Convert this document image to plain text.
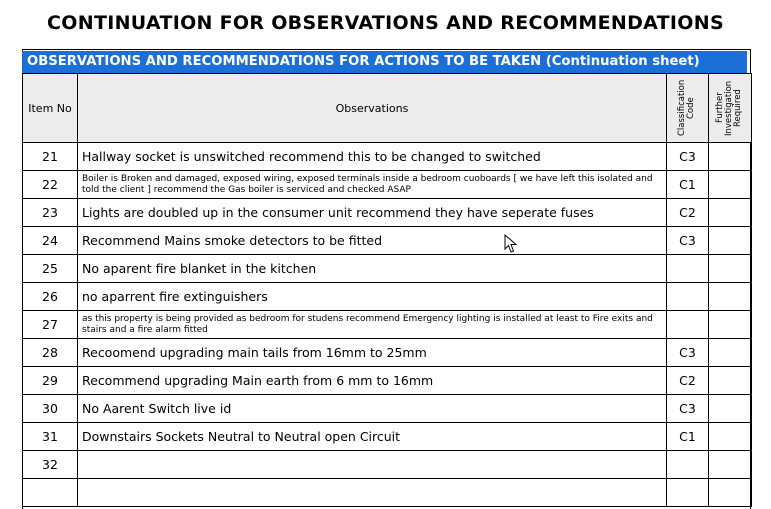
CONTINUATION FOR OBSERVATIONS AND RECOMMENDATIONS
OBSERVATIONS AND RECOMMENDATIONS FOR ACTIONS TO BE TAKEN (Continuation sheet)
Item No	Observations	Classification Code	Further Investigation Required

21	Hallway socket is unswitched recommend this to be changed to switched	C3	
22	Boiler is Broken and damaged, exposed wiring, exposed terminals inside a bedroom cuoboards [ we have left this isolated and told the client ] recommend the Gas boiler is serviced and checked ASAP	C1	
23	Lights are doubled up in the consumer unit recommend they have seperate fuses	C2	
24	Recommend Mains smoke detectors to be fitted	C3	
25	No aparent fire blanket in the kitchen		
26	no aparrent fire extinguishers		
27	as this property is being provided as bedroom for studens recommend Emergency lighting is installed at least to Fire exits and stairs and a fire alarm fitted		
28	Recoomend upgrading main tails from 16mm to 25mm	C3	
29	Recommend upgrading Main earth from 6 mm to 16mm	C2	
30	No Aarent Switch live id	C3	
31	Downstairs Sockets Neutral to Neutral open Circuit	C1	
32			
